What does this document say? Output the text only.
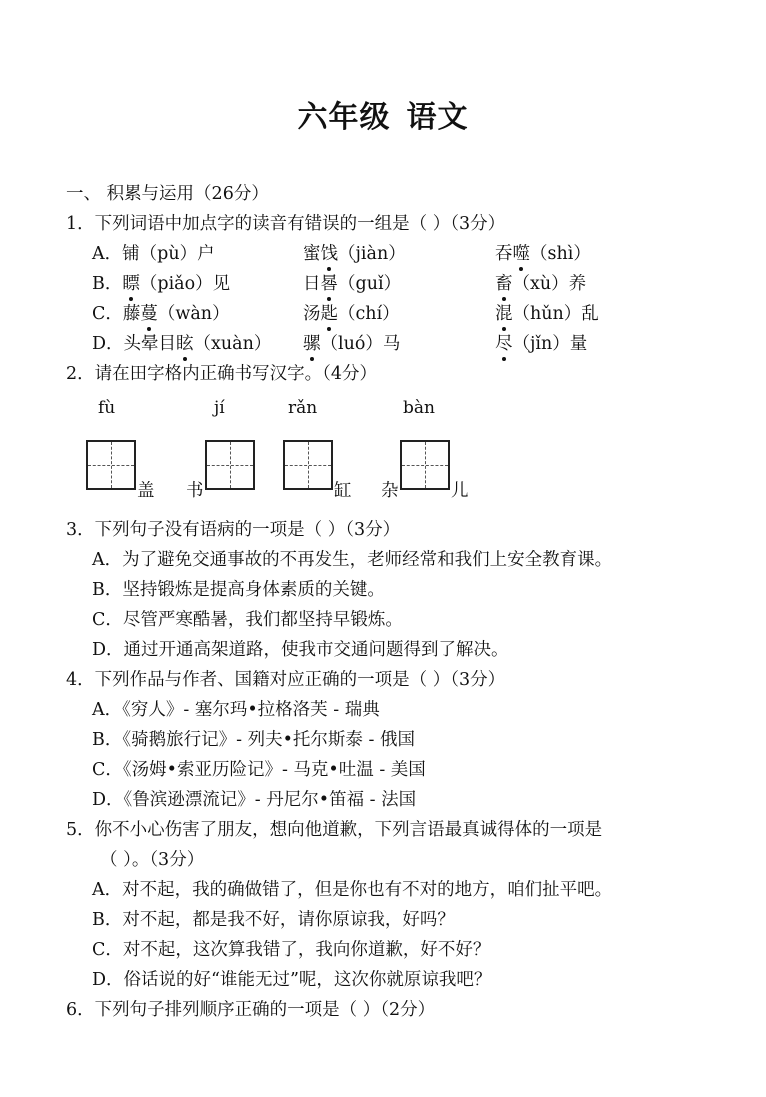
六年级 语文
一、 积累与运用（26分）
1．下列词语中加点字的读音有错误的一组是（ ）（3分）
A．铺（pù）户	蜜饯（jiàn）	吞噬（shì）
B．瞟（piǎo）见	日晷（guǐ）	畜（xù）养
C．藤蔓（wàn）	汤匙（chí）	混（hǔn）乱
D．头晕目眩（xuàn） 骡（luó）马	尽（jǐn）量
2．请在田字格内正确书写汉字。（4分）
fù	jí	rǎn	bàn
盖 书	缸 杂	儿
3．下列句子没有语病的一项是（ ）（3分）
A．为了避免交通事故的不再发生，老师经常和我们上安全教育课。
B．坚持锻炼是提高身体素质的关键。
C．尽管严寒酷暑，我们都坚持早锻炼。
D．通过开通高架道路，使我市交通问题得到了解决。
4．下列作品与作者、国籍对应正确的一项是（ ）（3分）
A．《穷人》- 塞尔玛•拉格洛芙 - 瑞典
B．《骑鹅旅行记》- 列夫•托尔斯泰 - 俄国
C．《汤姆•索亚历险记》- 马克•吐温 - 美国
D．《鲁滨逊漂流记》- 丹尼尔•笛福 - 法国
5．你不小心伤害了朋友，想向他道歉，下列言语最真诚得体的一项是
（ ）。（3分）
A．对不起，我的确做错了，但是你也有不对的地方，咱们扯平吧。
B．对不起，都是我不好，请你原谅我，好吗？
C．对不起，这次算我错了，我向你道歉，好不好？
D．俗话说的好“谁能无过”呢，这次你就原谅我吧？
6．下列句子排列顺序正确的一项是（ ）（2分）
